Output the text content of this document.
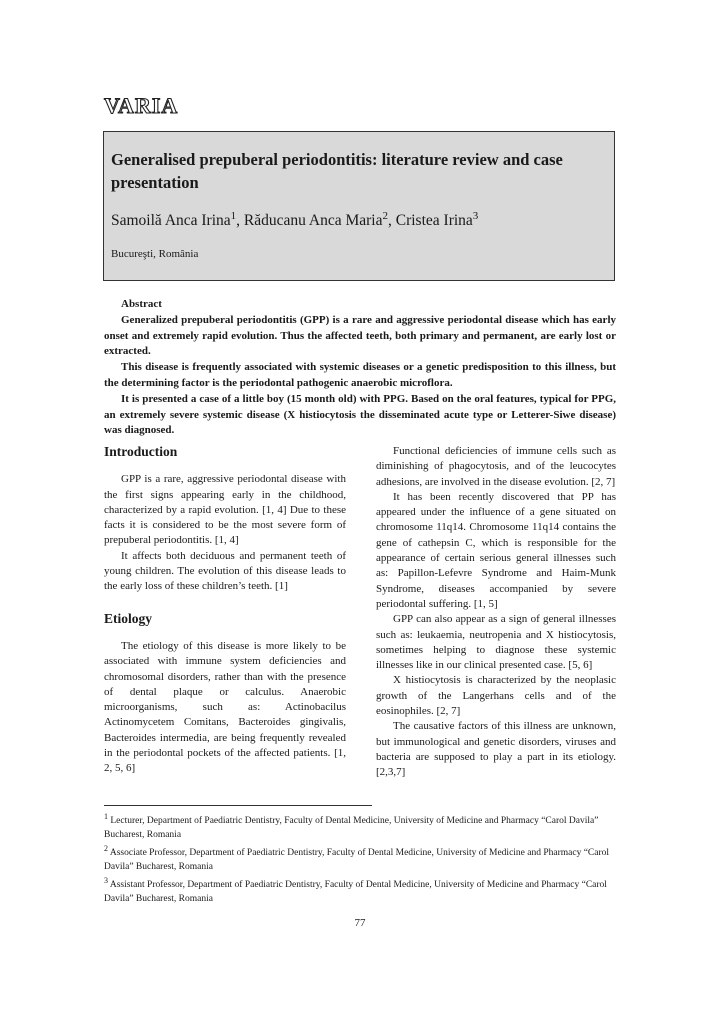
VARIA
Generalised prepuberal periodontitis: literature review and case presentation
Samoilă Anca Irina$^1$, Răducanu Anca Maria$^2$, Cristea Irina$^3$
Bucureşti, România

Abstract

Generalized prepuberal periodontitis (GPP) is a rare and aggressive periodontal disease which has early onset and extremely rapid evolution. Thus the affected teeth, both primary and permanent, are early lost or extracted.

This disease is frequently associated with systemic diseases or a genetic predisposition to this illness, but the determining factor is the periodontal pathogenic anaerobic microflora.

It is presented a case of a little boy (15 month old) with PPG. Based on the oral features, typical for PPG, an extremely severe systemic disease (X histiocytosis the disseminated acute type or Letterer-Siwe disease) was diagnosed.

Introduction

GPP is a rare, aggressive periodontal disease with the first signs appearing early in the childhood, characterized by a rapid evolution. [1, 4] Due to these facts it is considered to be the most severe form of prepuberal periodontitis. [1, 4]

It affects both deciduous and permanent teeth of young children. The evolution of this disease leads to the early loss of these children’s teeth. [1]

Etiology

The etiology of this disease is more likely to be associated with immune system deficiencies and chromosomal disorders, rather than with the presence of dental plaque or calculus. Anaerobic microorganisms, such as: Actinobacilus Actinomycetem Comitans, Bacteroides gingivalis, Bacteroides intermedia, are being frequently revealed in the periodontal pockets of the affected patients. [1, 2, 5, 6]

Functional deficiencies of immune cells such as diminishing of phagocytosis, and of the leucocytes adhesions, are involved in the disease evolution. [2, 7]

It has been recently discovered that PP has appeared under the influence of a gene situated on chromosome 11q14. Chromosome 11q14 contains the gene of cathepsin C, which is responsible for the appearance of certain serious general illnesses such as: Papillon-Lefevre Syndrome and Haim-Munk Syndrome, diseases accompanied by severe periodontal suffering. [1, 5]

GPP can also appear as a sign of general illnesses such as: leukaemia, neutropenia and X histiocytosis, sometimes helping to diagnose these systemic illnesses like in our clinical presented case. [5, 6]

X histiocytosis is characterized by the neoplasic growth of the Langerhans cells and of the eosinophiles. [2, 7]

The causative factors of this illness are unknown, but immunological and genetic disorders, viruses and bacteria are supposed to play a part in its etiology. [2,3,7]

$^1$ Lecturer, Department of Paediatric Dentistry, Faculty of Dental Medicine, University of Medicine and Pharmacy “Carol Davila” Bucharest, Romania

$^2$ Associate Professor, Department of Paediatric Dentistry, Faculty of Dental Medicine, University of Medicine and Pharmacy “Carol Davila” Bucharest, Romania

$^3$ Assistant Professor, Department of Paediatric Dentistry, Faculty of Dental Medicine, University of Medicine and Pharmacy “Carol Davila” Bucharest, Romania

77
